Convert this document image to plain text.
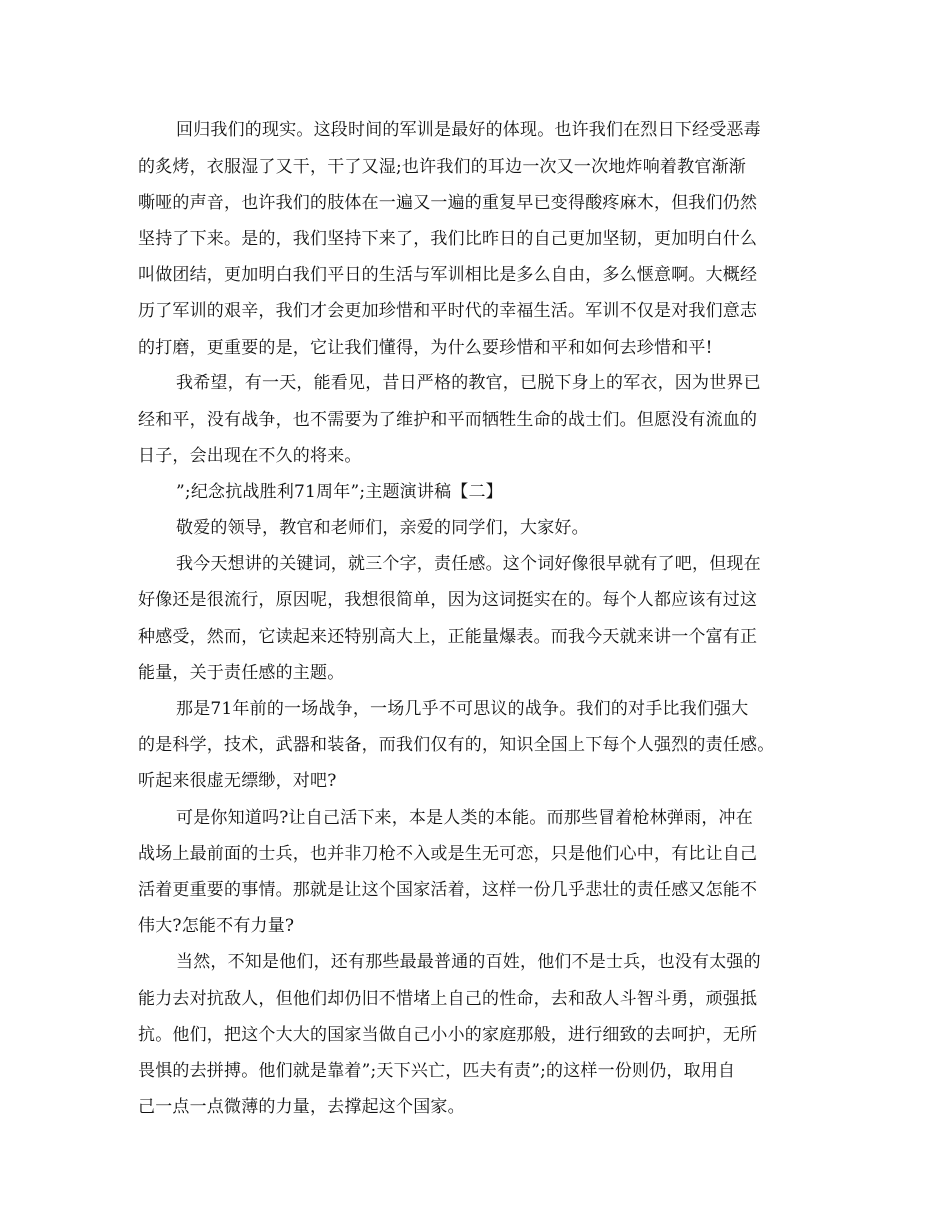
回归我们的现实。这段时间的军训是最好的体现。也许我们在烈日下经受恶毒
的炙烤，衣服湿了又干，干了又湿;也许我们的耳边一次又一次地炸响着教官渐渐
嘶哑的声音，也许我们的肢体在一遍又一遍的重复早已变得酸疼麻木，但我们仍然
坚持了下来。是的，我们坚持下来了，我们比昨日的自己更加坚韧，更加明白什么
叫做团结，更加明白我们平日的生活与军训相比是多么自由，多么惬意啊。大概经
历了军训的艰辛，我们才会更加珍惜和平时代的幸福生活。军训不仅是对我们意志
的打磨，更重要的是，它让我们懂得，为什么要珍惜和平和如何去珍惜和平!
我希望，有一天，能看见，昔日严格的教官，已脱下身上的军衣，因为世界已
经和平，没有战争，也不需要为了维护和平而牺牲生命的战士们。但愿没有流血的
日子，会出现在不久的将来。
”;纪念抗战胜利71周年”;主题演讲稿【二】
敬爱的领导，教官和老师们，亲爱的同学们，大家好。
我今天想讲的关键词，就三个字，责任感。这个词好像很早就有了吧，但现在
好像还是很流行，原因呢，我想很简单，因为这词挺实在的。每个人都应该有过这
种感受，然而，它读起来还特别高大上，正能量爆表。而我今天就来讲一个富有正
能量，关于责任感的主题。
那是71年前的一场战争，一场几乎不可思议的战争。我们的对手比我们强大
的是科学，技术，武器和装备，而我们仅有的，知识全国上下每个人强烈的责任感。
听起来很虚无缥缈，对吧?
可是你知道吗?让自己活下来，本是人类的本能。而那些冒着枪林弹雨，冲在
战场上最前面的士兵，也并非刀枪不入或是生无可恋，只是他们心中，有比让自己
活着更重要的事情。那就是让这个国家活着，这样一份几乎悲壮的责任感又怎能不
伟大?怎能不有力量?
当然，不知是他们，还有那些最最普通的百姓，他们不是士兵，也没有太强的
能力去对抗敌人，但他们却仍旧不惜堵上自己的性命，去和敌人斗智斗勇，顽强抵
抗。他们，把这个大大的国家当做自己小小的家庭那般，进行细致的去呵护，无所
畏惧的去拼搏。他们就是靠着”;天下兴亡，匹夫有责”;的这样一份则仍，取用自
己一点一点微薄的力量，去撑起这个国家。
